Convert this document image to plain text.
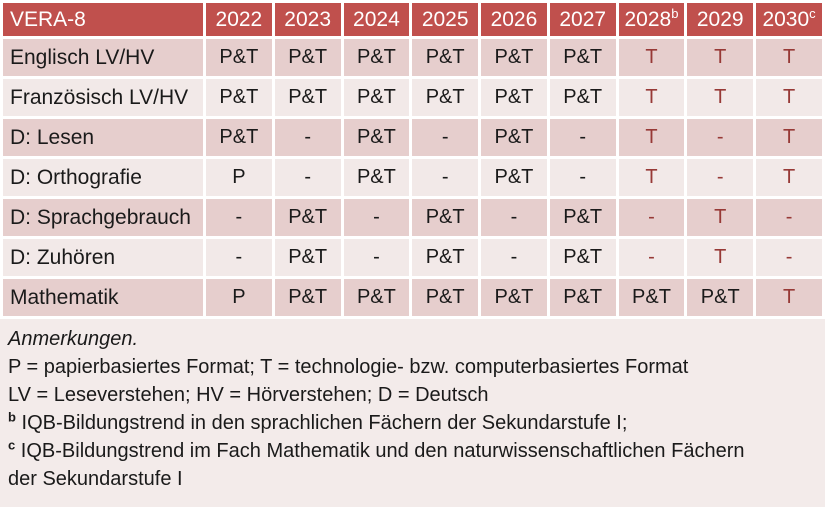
VERA-8	2022	2023	2024	2025	2026	2027	2028$^b$	2029	2030$^c$
Englisch LV/HV	P&T	P&T	P&T	P&T	P&T	P&T	T	T	T
Französisch LV/HV	P&T	P&T	P&T	P&T	P&T	P&T	T	T	T
D: Lesen	P&T	-	P&T	-	P&T	-	T	-	T
D: Orthografie	P	-	P&T	-	P&T	-	T	-	T
D: Sprachgebrauch	-	P&T	-	P&T	-	P&T	-	T	-
D: Zuhören	-	P&T	-	P&T	-	P&T	-	T	-
Mathematik	P	P&T	P&T	P&T	P&T	P&T	P&T	P&T	T

Anmerkungen.

P = papierbasiertes Format; T = technologie- bzw. computerbasiertes Format

LV = Leseverstehen; HV = Hörverstehen; D = Deutsch

$^b$ IQB-Bildungstrend in den sprachlichen Fächern der Sekundarstufe I;

$^c$ IQB-Bildungstrend im Fach Mathematik und den naturwissenschaftlichen Fächern der Sekundarstufe I
